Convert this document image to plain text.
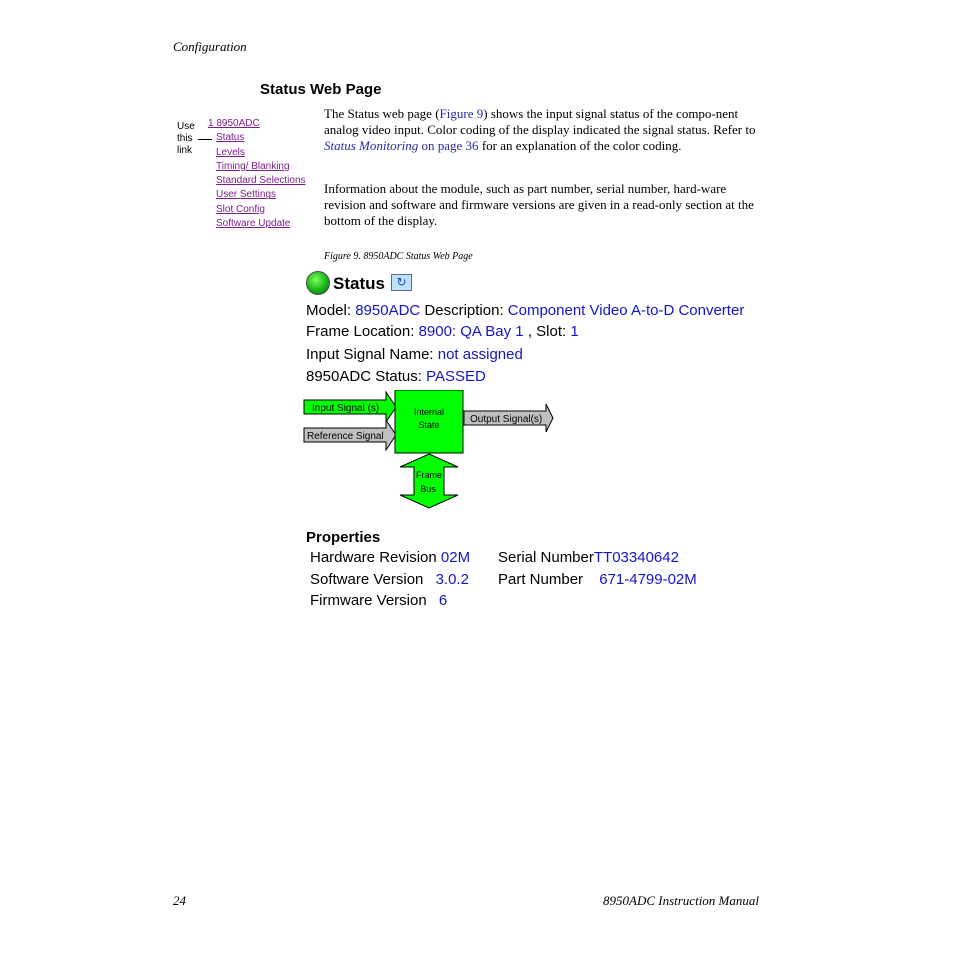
Configuration
Status Web Page
Use
this
link
1 8950ADC
Status
Levels
Timing/ Blanking
Standard Selections
User Settings
Slot Config
Software Update
The Status web page (Figure 9) shows the input signal status of the compo-nent analog video input. Color coding of the display indicated the signal status. Refer to Status Monitoring on page 36 for an explanation of the color coding.
Information about the module, such as part number, serial number, hard-ware revision and software and firmware versions are given in a read-only section at the bottom of the display.
Figure 9. 8950ADC Status Web Page
Status ↻
Model: 8950ADC Description: Component Video A-to-D Converter
Frame Location: 8900: QA Bay 1 , Slot: 1
Input Signal Name: not assigned
8950ADC Status: PASSED
Input Signal (s)
Reference Signal
Internal
State	Output Signal(s)
Frame
Bus
Properties
Hardware Revision 02M
Software Version 3.0.2
Firmware Version 6
Serial NumberTT03340642
Part Number 671-4799-02M
24	8950ADC Instruction Manual
